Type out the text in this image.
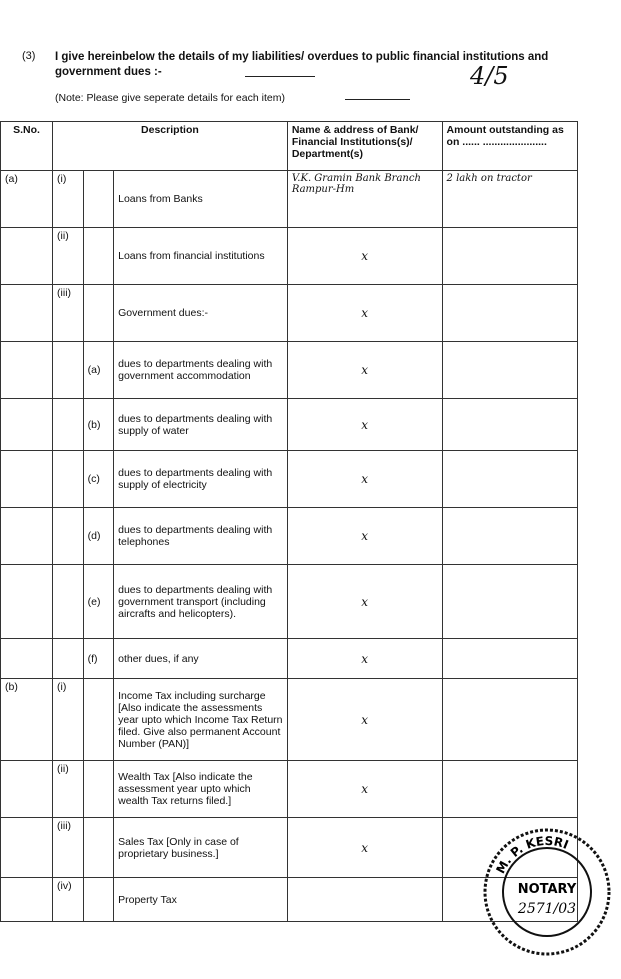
(3) I give hereinbelow the details of my liabilities/ overdues to public financial institutions and government dues :-	4/5
(Note: Please give seperate details for each item)
S.No.	Description			Name & address of Bank/ Financial Institutions(s)/ Department(s)	Amount outstanding as on ...... ......................
(a)	(i)		Loans from Banks	V.K. Gramin Bank Branch Rampur-Hm	2 lakh on tractor
	(ii)		Loans from financial institutions	x	
	(iii)		Government dues:-	x	
		(a)	dues to departments dealing with government accommodation	x	
		(b)	dues to departments dealing with supply of water	x	
		(c)	dues to departments dealing with supply of electricity	x	
		(d)	dues to departments dealing with telephones	x	
		(e)	dues to departments dealing with government transport (including aircrafts and helicopters).	x	
		(f)	other dues, if any	x	
(b)	(i)		Income Tax including surcharge [Also indicate the assessments year upto which Income Tax Return filed. Give also permanent Account Number (PAN)]	x	
	(ii)		Wealth Tax [Also indicate the assessment year upto which wealth Tax returns filed.]	x	
	(iii)		Sales Tax [Only in case of proprietary business.]	x	
	(iv)		Property Tax		
M. P. KESRI
NOTARY
2571/03
